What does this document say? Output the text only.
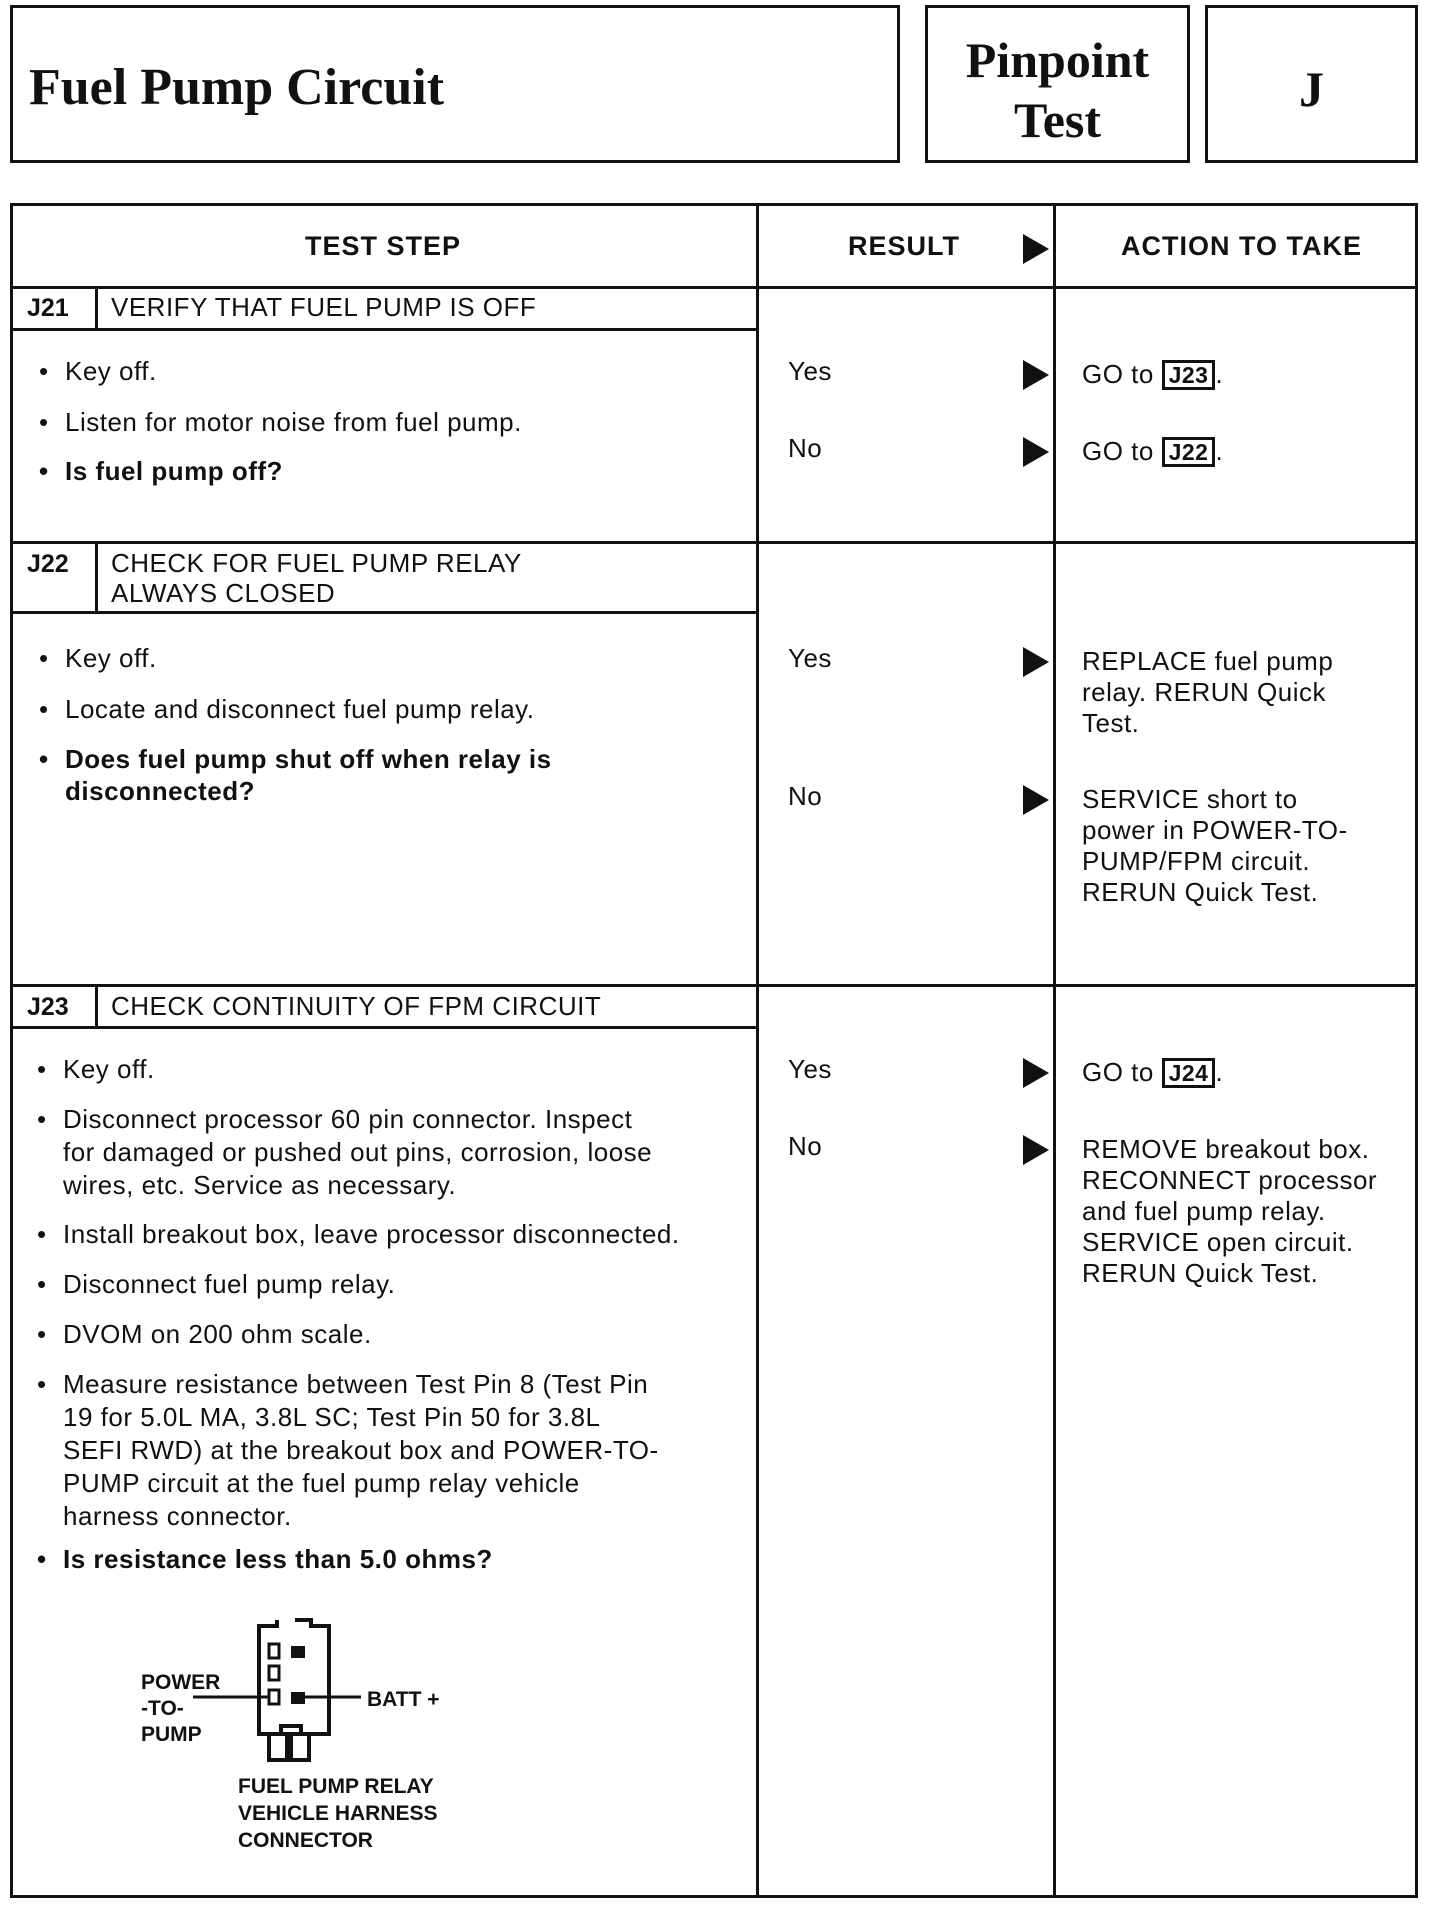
Fuel Pump Circuit	Pinpoint
Test
J
TEST STEP	RESULT	ACTION TO TAKE
J21 VERIFY THAT FUEL PUMP IS OFF
• Key off.
• Listen for motor noise from fuel pump.
• Is fuel pump off?
Yes	GO to J23 .
No	GO to J22 .
J22 CHECK FOR FUEL PUMP RELAY
ALWAYS CLOSED
• Key off.
• Locate and disconnect fuel pump relay.
• Does fuel pump shut off when relay is
disconnected?
Yes	REPLACE fuel pump
relay. RERUN Quick
Test.
No	SERVICE short to
power in POWER-TO-
PUMP/FPM circuit.
RERUN Quick Test.
J23 CHECK CONTINUITY OF FPM CIRCUIT
• Key off.
• Disconnect processor 60 pin connector. Inspect
for damaged or pushed out pins, corrosion, loose
wires, etc. Service as necessary.
• Install breakout box, leave processor disconnected.
• Disconnect fuel pump relay.
• DVOM on 200 ohm scale.
• Measure resistance between Test Pin 8 (Test Pin
19 for 5.0L MA, 3.8L SC; Test Pin 50 for 3.8L
SEFI RWD) at the breakout box and POWER-TO-
PUMP circuit at the fuel pump relay vehicle
harness connector.
• Is resistance less than 5.0 ohms?
Yes	GO to J24 .
No	REMOVE breakout box.
RECONNECT processor
and fuel pump relay.
SERVICE open circuit.
RERUN Quick Test.
POWER
-TO-
PUMP
BATT +
FUEL PUMP RELAY
VEHICLE HARNESS
CONNECTOR
